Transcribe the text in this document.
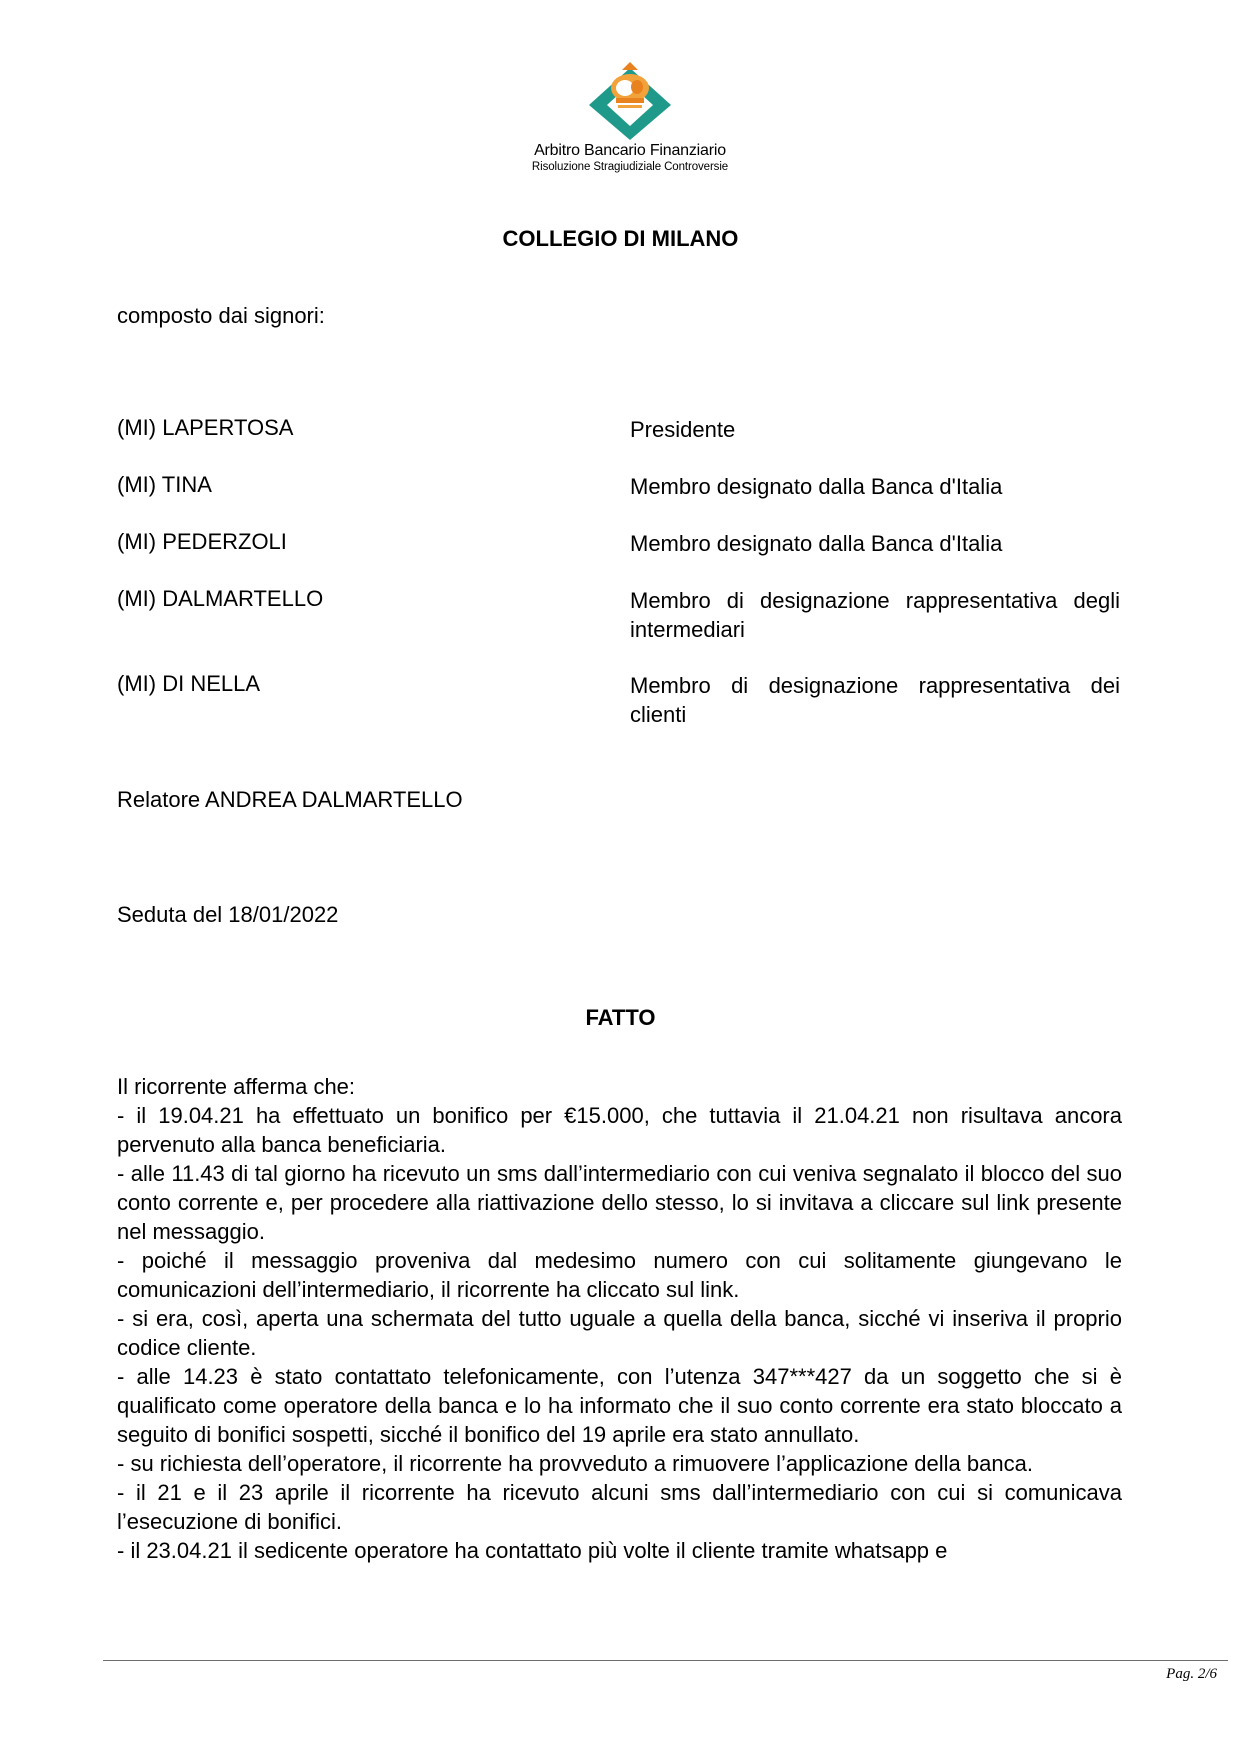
Arbitro Bancario Finanziario
Risoluzione Stragiudiziale Controversie
COLLEGIO DI MILANO
composto dai signori:
(MI) LAPERTOSA	Presidente
(MI) TINA	Membro designato dalla Banca d'Italia
(MI) PEDERZOLI	Membro designato dalla Banca d'Italia
(MI) DALMARTELLO	Membro di designazione rappresentativa degli intermediari
(MI) DI NELLA	Membro di designazione rappresentativa dei clienti
Relatore ANDREA DALMARTELLO
Seduta del 18/01/2022
FATTO

Il ricorrente afferma che:

- il 19.04.21 ha effettuato un bonifico per €15.000, che tuttavia il 21.04.21 non risultava ancora pervenuto alla banca beneficiaria.

- alle 11.43 di tal giorno ha ricevuto un sms dall’intermediario con cui veniva segnalato il blocco del suo conto corrente e, per procedere alla riattivazione dello stesso, lo si invitava a cliccare sul link presente nel messaggio.

- poiché il messaggio proveniva dal medesimo numero con cui solitamente giungevano le comunicazioni dell’intermediario, il ricorrente ha cliccato sul link.

- si era, così, aperta una schermata del tutto uguale a quella della banca, sicché vi inseriva il proprio codice cliente.

- alle 14.23 è stato contattato telefonicamente, con l’utenza 347***427 da un soggetto che si è qualificato come operatore della banca e lo ha informato che il suo conto corrente era stato bloccato a seguito di bonifici sospetti, sicché il bonifico del 19 aprile era stato annullato.

- su richiesta dell’operatore, il ricorrente ha provveduto a rimuovere l’applicazione della banca.

- il 21 e il 23 aprile il ricorrente ha ricevuto alcuni sms dall’intermediario con cui si comunicava l’esecuzione di bonifici.

- il 23.04.21 il sedicente operatore ha contattato più volte il cliente tramite whatsapp e

Pag. 2/6
